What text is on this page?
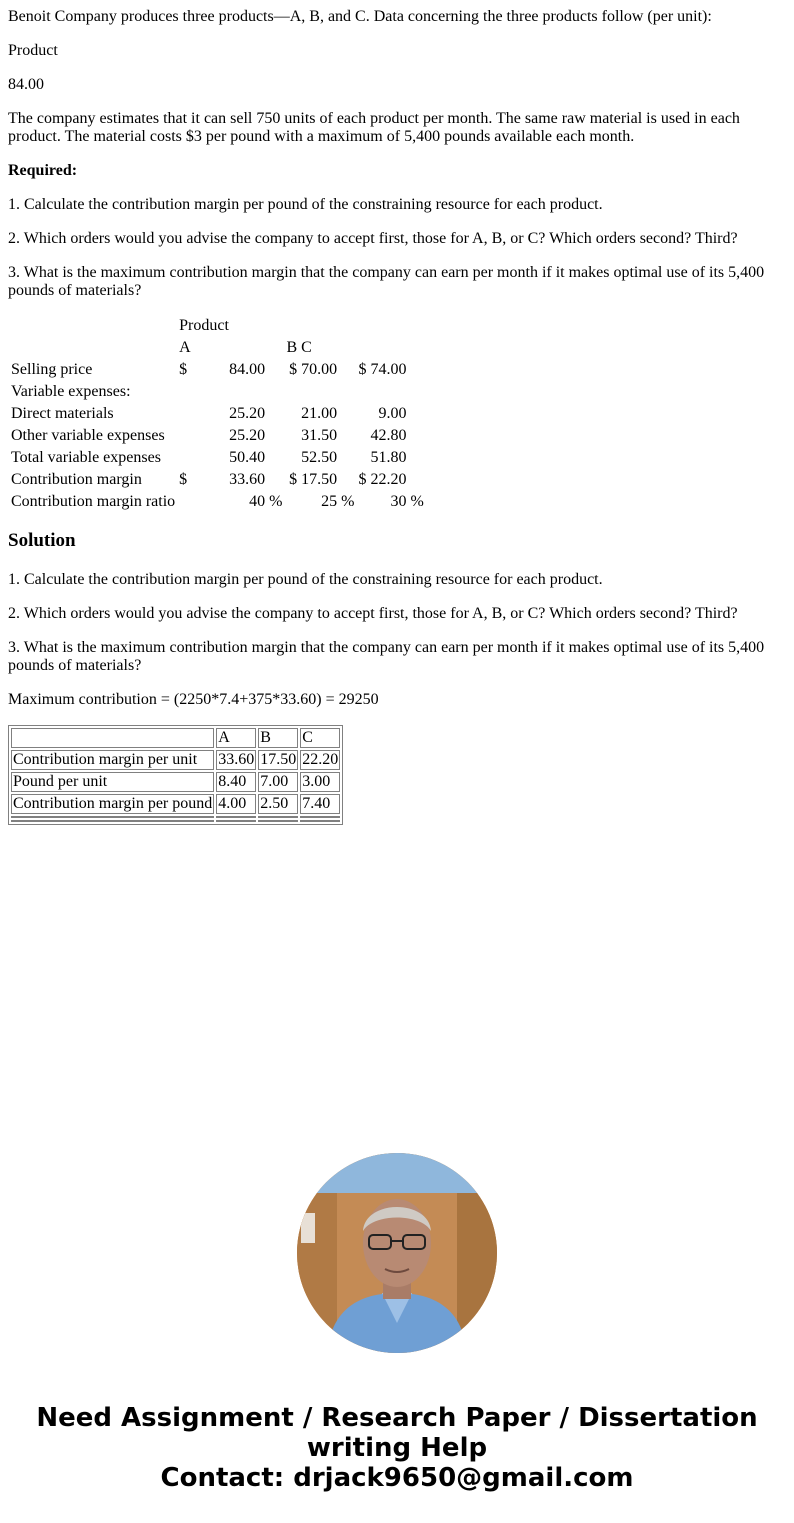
Benoit Company produces three products—A, B, and C. Data concerning the three products follow (per unit):

Product

84.00

The company estimates that it can sell 750 units of each product per month. The same raw material is used in each product. The material costs $3 per pound with a maximum of 5,400 pounds available each month.

Required:

1. Calculate the contribution margin per pound of the constraining resource for each product.

2. Which orders would you advise the company to accept first, those for A, B, or C? Which orders second? Third?

3. What is the maximum contribution margin that the company can earn per month if it makes optimal use of its 5,400 pounds of materials?

	Product								
	A			B	C				
Selling price	$	84.00		$	70.00		$	74.00	
Variable expenses:									
Direct materials		25.20			21.00			9.00	
Other variable expenses		25.20			31.50			42.80	
Total variable expenses		50.40			52.50			51.80	
Contribution margin	$	33.60		$	17.50		$	22.20	
Contribution margin ratio		40	%		25	%		30	%
Solution

1. Calculate the contribution margin per pound of the constraining resource for each product.

2. Which orders would you advise the company to accept first, those for A, B, or C? Which orders second? Third?

3. What is the maximum contribution margin that the company can earn per month if it makes optimal use of its 5,400 pounds of materials?

Maximum contribution = (2250*7.4+375*33.60) = 29250

	A	B	C
Contribution margin per unit	33.60	17.50	22.20
Pound per unit	8.40	7.00	3.00
Contribution margin per pound	4.00	2.50	7.40

Need Assignment / Research Paper / Dissertation
writing Help
Contact: drjack9650@gmail.com
